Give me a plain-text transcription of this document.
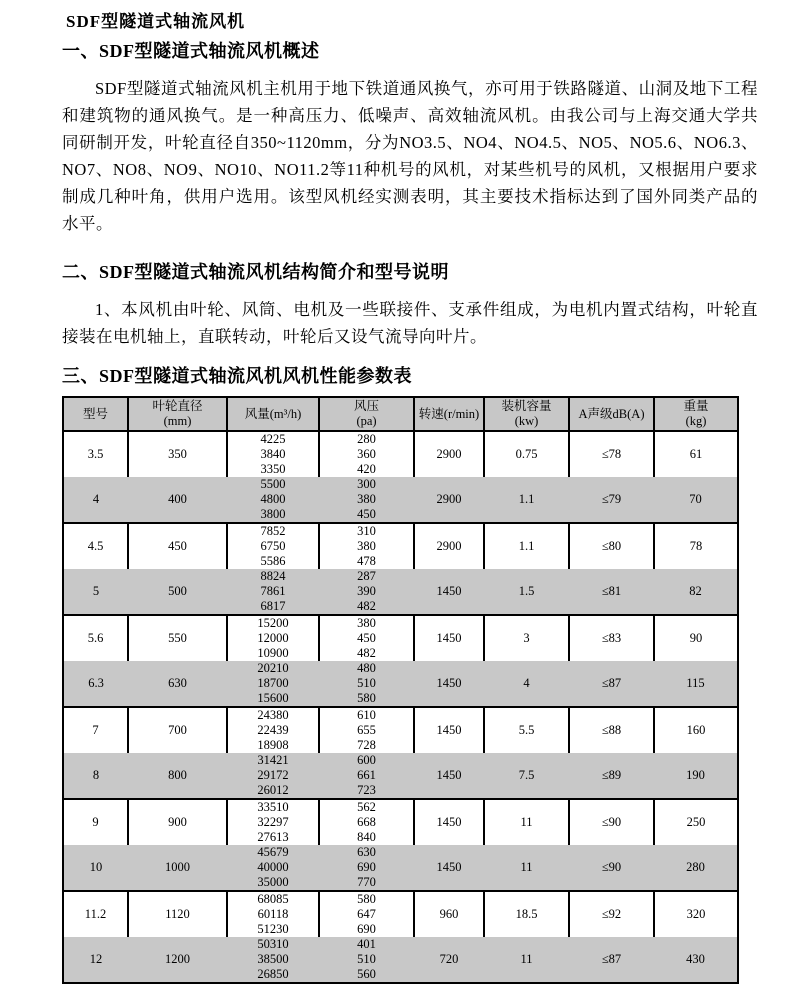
SDF型隧道式轴流风机
一、SDF型隧道式轴流风机概述

SDF型隧道式轴流风机主机用于地下铁道通风换气，亦可用于铁路隧道、山洞及地下工程和建筑物的通风换气。是一种高压力、低噪声、高效轴流风机。由我公司与上海交通大学共同研制开发，叶轮直径自350~1120mm，分为NO3.5、NO4、NO4.5、NO5、NO5.6、NO6.3、NO7、NO8、NO9、NO10、NO11.2等11种机号的风机，对某些机号的风机，又根据用户要求制成几种叶角，供用户选用。该型风机经实测表明，其主要技术指标达到了国外同类产品的水平。

二、SDF型隧道式轴流风机结构简介和型号说明

1、本风机由叶轮、风筒、电机及一些联接件、支承件组成，为电机内置式结构，叶轮直接装在电机轴上，直联转动，叶轮后又设气流导向叶片。

三、SDF型隧道式轴流风机风机性能参数表
型号	叶轮直径
(mm)	风量(m³/h)	风压
(pa)	转速(r/min)	装机容量
(kw)	A声级dB(A)	重量
(kg)

3.5	350	4225
3840
3350	280
360
420	2900	0.75	≤78	61
4	400	5500
4800
3800	300
380
450	2900	1.1	≤79	70
4.5	450	7852
6750
5586	310
380
478	2900	1.1	≤80	78
5	500	8824
7861
6817	287
390
482	1450	1.5	≤81	82
5.6	550	15200
12000
10900	380
450
482	1450	3	≤83	90
6.3	630	20210
18700
15600	480
510
580	1450	4	≤87	115
7	700	24380
22439
18908	610
655
728	1450	5.5	≤88	160
8	800	31421
29172
26012	600
661
723	1450	7.5	≤89	190
9	900	33510
32297
27613	562
668
840	1450	11	≤90	250
10	1000	45679
40000
35000	630
690
770	1450	11	≤90	280
11.2	1120	68085
60118
51230	580
647
690	960	18.5	≤92	320
12	1200	50310
38500
26850	401
510
560	720	11	≤87	430
